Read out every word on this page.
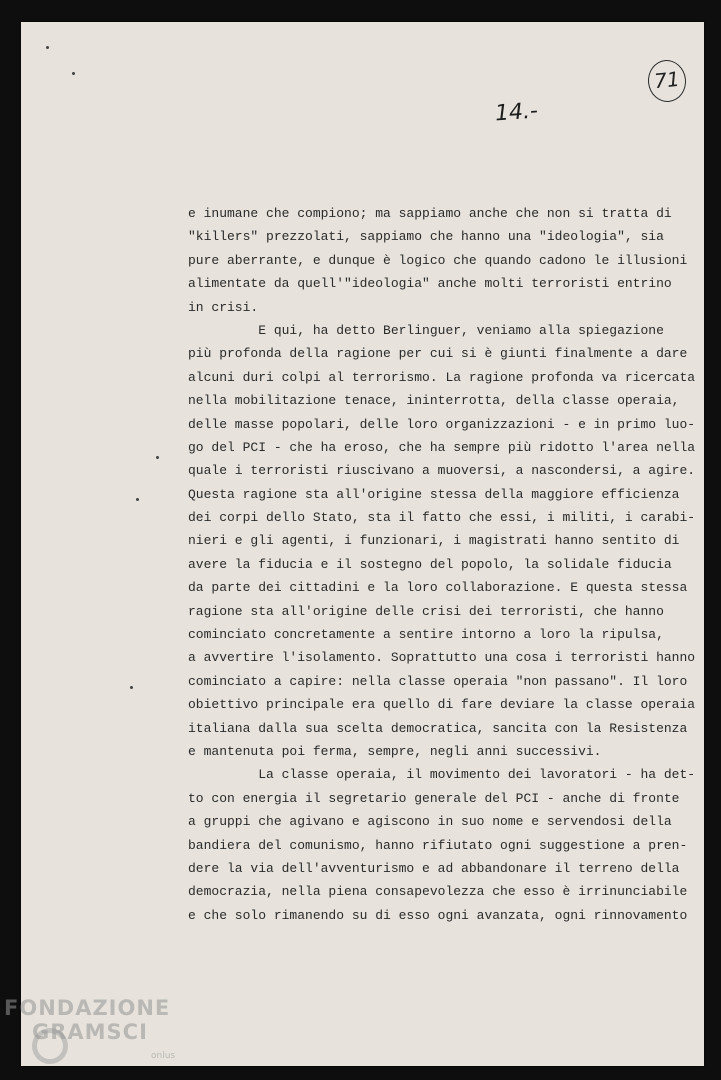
71
14.-
e inumane che compiono; ma sappiamo anche che non si tratta di
"killers" prezzolati, sappiamo che hanno una "ideologia", sia
pure aberrante, e dunque è logico che quando cadono le illusioni
alimentate da quell'"ideologia" anche molti terroristi entrino
in crisi.
E qui, ha detto Berlinguer, veniamo alla spiegazione
più profonda della ragione per cui si è giunti finalmente a dare
alcuni duri colpi al terrorismo. La ragione profonda va ricercata
nella mobilitazione tenace, ininterrotta, della classe operaia,
delle masse popolari, delle loro organizzazioni - e in primo luo-
go del PCI - che ha eroso, che ha sempre più ridotto l'area nella
quale i terroristi riuscivano a muoversi, a nascondersi, a agire.
Questa ragione sta all'origine stessa della maggiore efficienza
dei corpi dello Stato, sta il fatto che essi, i militi, i carabi-
nieri e gli agenti, i funzionari, i magistrati hanno sentito di
avere la fiducia e il sostegno del popolo, la solidale fiducia
da parte dei cittadini e la loro collaborazione. E questa stessa
ragione sta all'origine delle crisi dei terroristi, che hanno
cominciato concretamente a sentire intorno a loro la ripulsa,
a avvertire l'isolamento. Soprattutto una cosa i terroristi hanno
cominciato a capire: nella classe operaia "non passano". Il loro
obiettivo principale era quello di fare deviare la classe operaia
italiana dalla sua scelta democratica, sancita con la Resistenza
e mantenuta poi ferma, sempre, negli anni successivi.
La classe operaia, il movimento dei lavoratori - ha det-
to con energia il segretario generale del PCI - anche di fronte
a gruppi che agivano e agiscono in suo nome e servendosi della
bandiera del comunismo, hanno rifiutato ogni suggestione a pren-
dere la via dell'avventurismo e ad abbandonare il terreno della
democrazia, nella piena consapevolezza che esso è irrinunciabile
e che solo rimanendo su di esso ogni avanzata, ogni rinnovamento
FONDAZIONE
GRAMSCI
onlus
